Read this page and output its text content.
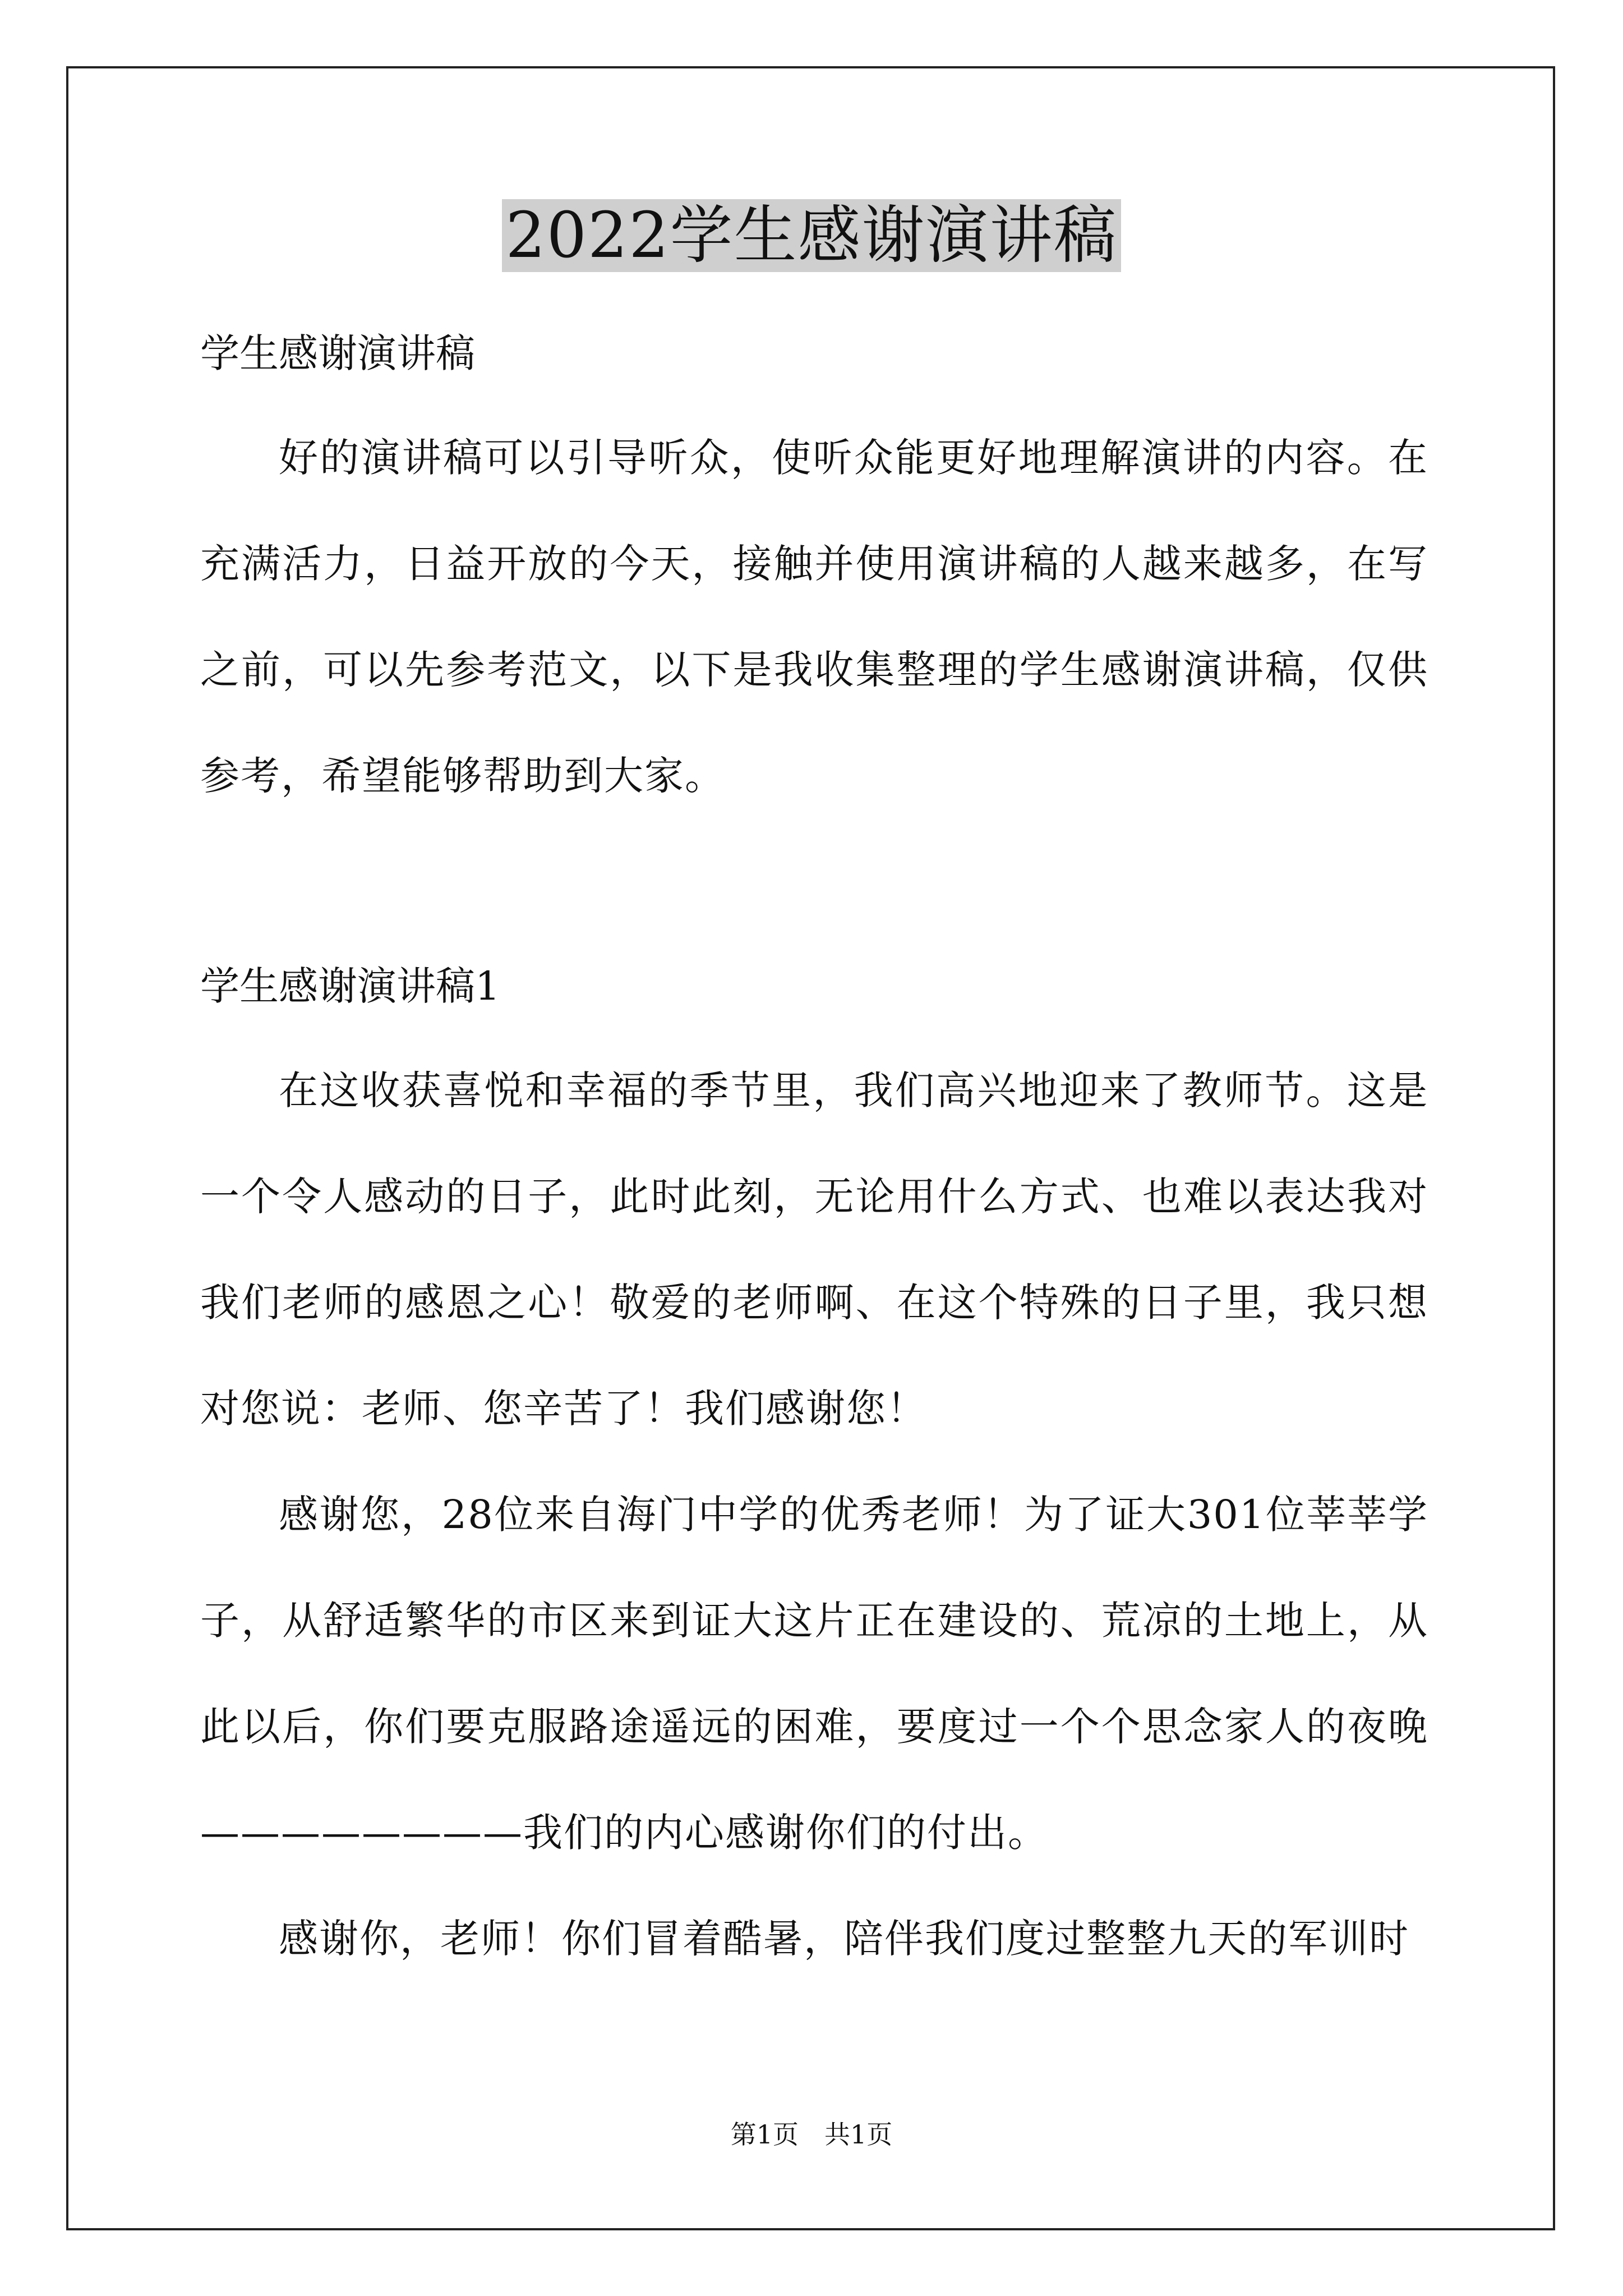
2022学生感谢演讲稿

学生感谢演讲稿

好的演讲稿可以引导听众，使听众能更好地理解演讲的内容。在充满活力，日益开放的今天，接触并使用演讲稿的人越来越多，在写之前，可以先参考范文，以下是我收集整理的学生感谢演讲稿，仅供参考，希望能够帮助到大家。

学生感谢演讲稿1

在这收获喜悦和幸福的季节里，我们高兴地迎来了教师节。这是一个令人感动的日子，此时此刻，无论用什么方式、也难以表达我对我们老师的感恩之心！敬爱的老师啊、在这个特殊的日子里，我只想对您说：老师、您辛苦了！我们感谢您！

感谢您，28位来自海门中学的优秀老师！为了证大301位莘莘学子，从舒适繁华的市区来到证大这片正在建设的、荒凉的土地上，从此以后，你们要克服路途遥远的困难，要度过一个个思念家人的夜晚————————我们的内心感谢你们的付出。

感谢你，老师！你们冒着酷暑，陪伴我们度过整整九天的军训时

第1页　共1页
